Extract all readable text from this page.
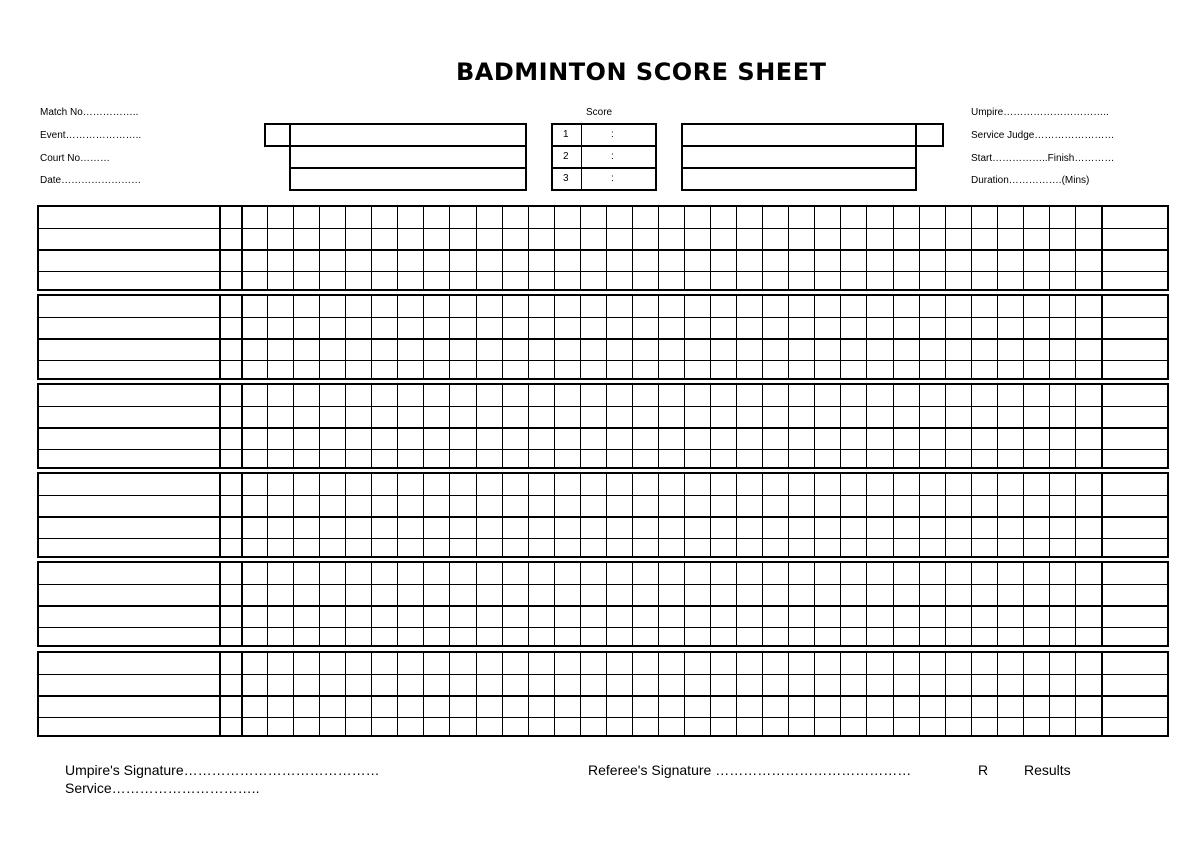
BADMINTON SCORE SHEET
Match No……………..
Event…………………..
Court No………
Date……………………
Score
1	:
2	:
3	:
Umpire…………………………..
Service Judge……………………
Start……………..Finish…………
Duration…………….(Mins)
Umpire's Signature……………………………………
Service…………………………..
Referee's Signature ……………………………………	R	Results
